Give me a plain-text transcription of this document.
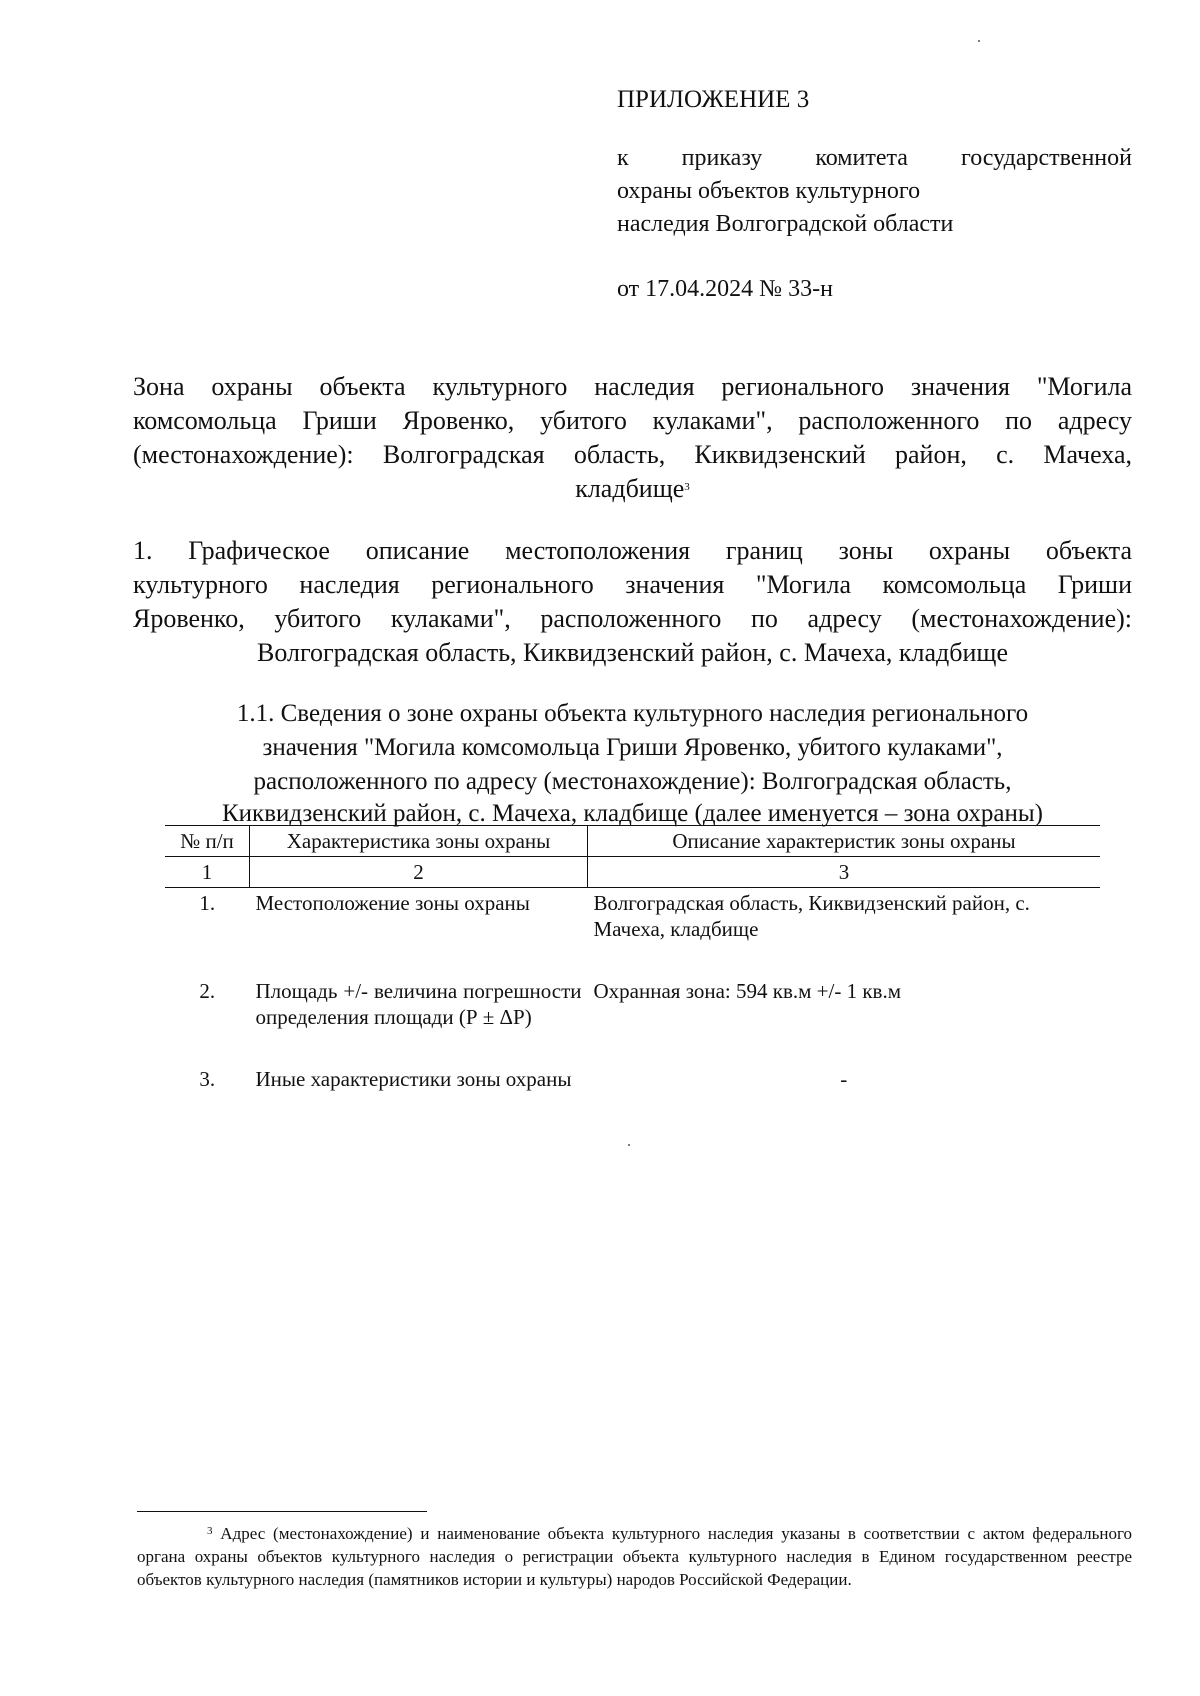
ПРИЛОЖЕНИЕ 3
к приказу комитета государственной
охраны объектов культурного
наследия Волгоградской области
от 17.04.2024 № 33-н
Зона охраны объекта культурного наследия регионального значения "Могила
комсомольца Гриши Яровенко, убитого кулаками", расположенного по адресу
(местонахождение): Волгоградская область, Киквидзенский район, с. Мачеха,
кладбище$^3$
1. Графическое описание местоположения границ зоны охраны объекта
культурного наследия регионального значения "Могила комсомольца Гриши
Яровенко, убитого кулаками", расположенного по адресу (местонахождение):
Волгоградская область, Киквидзенский район, с. Мачеха, кладбище
1.1. Сведения о зоне охраны объекта культурного наследия регионального
значения "Могила комсомольца Гриши Яровенко, убитого кулаками",
расположенного по адресу (местонахождение): Волгоградская область,
Киквидзенский район, с. Мачеха, кладбище (далее именуется – зона охраны)
№ п/п	Характеристика зоны охраны	Описание характеристик зоны охраны
1	2	3
1.	Местоположение зоны охраны	Волгоградская область, Киквидзенский район, с. Мачеха, кладбище
2.	Площадь +/- величина погрешности определения площади (Р ± ΔР)	Охранная зона: 594 кв.м +/- 1 кв.м
3.	Иные характеристики зоны охраны	-
$^3$ Адрес (местонахождение) и наименование объекта культурного наследия указаны в соответствии с актом федерального органа охраны объектов культурного наследия о регистрации объекта культурного наследия в Едином государственном реестре объектов культурного наследия (памятников истории и культуры) народов Российской Федерации.
